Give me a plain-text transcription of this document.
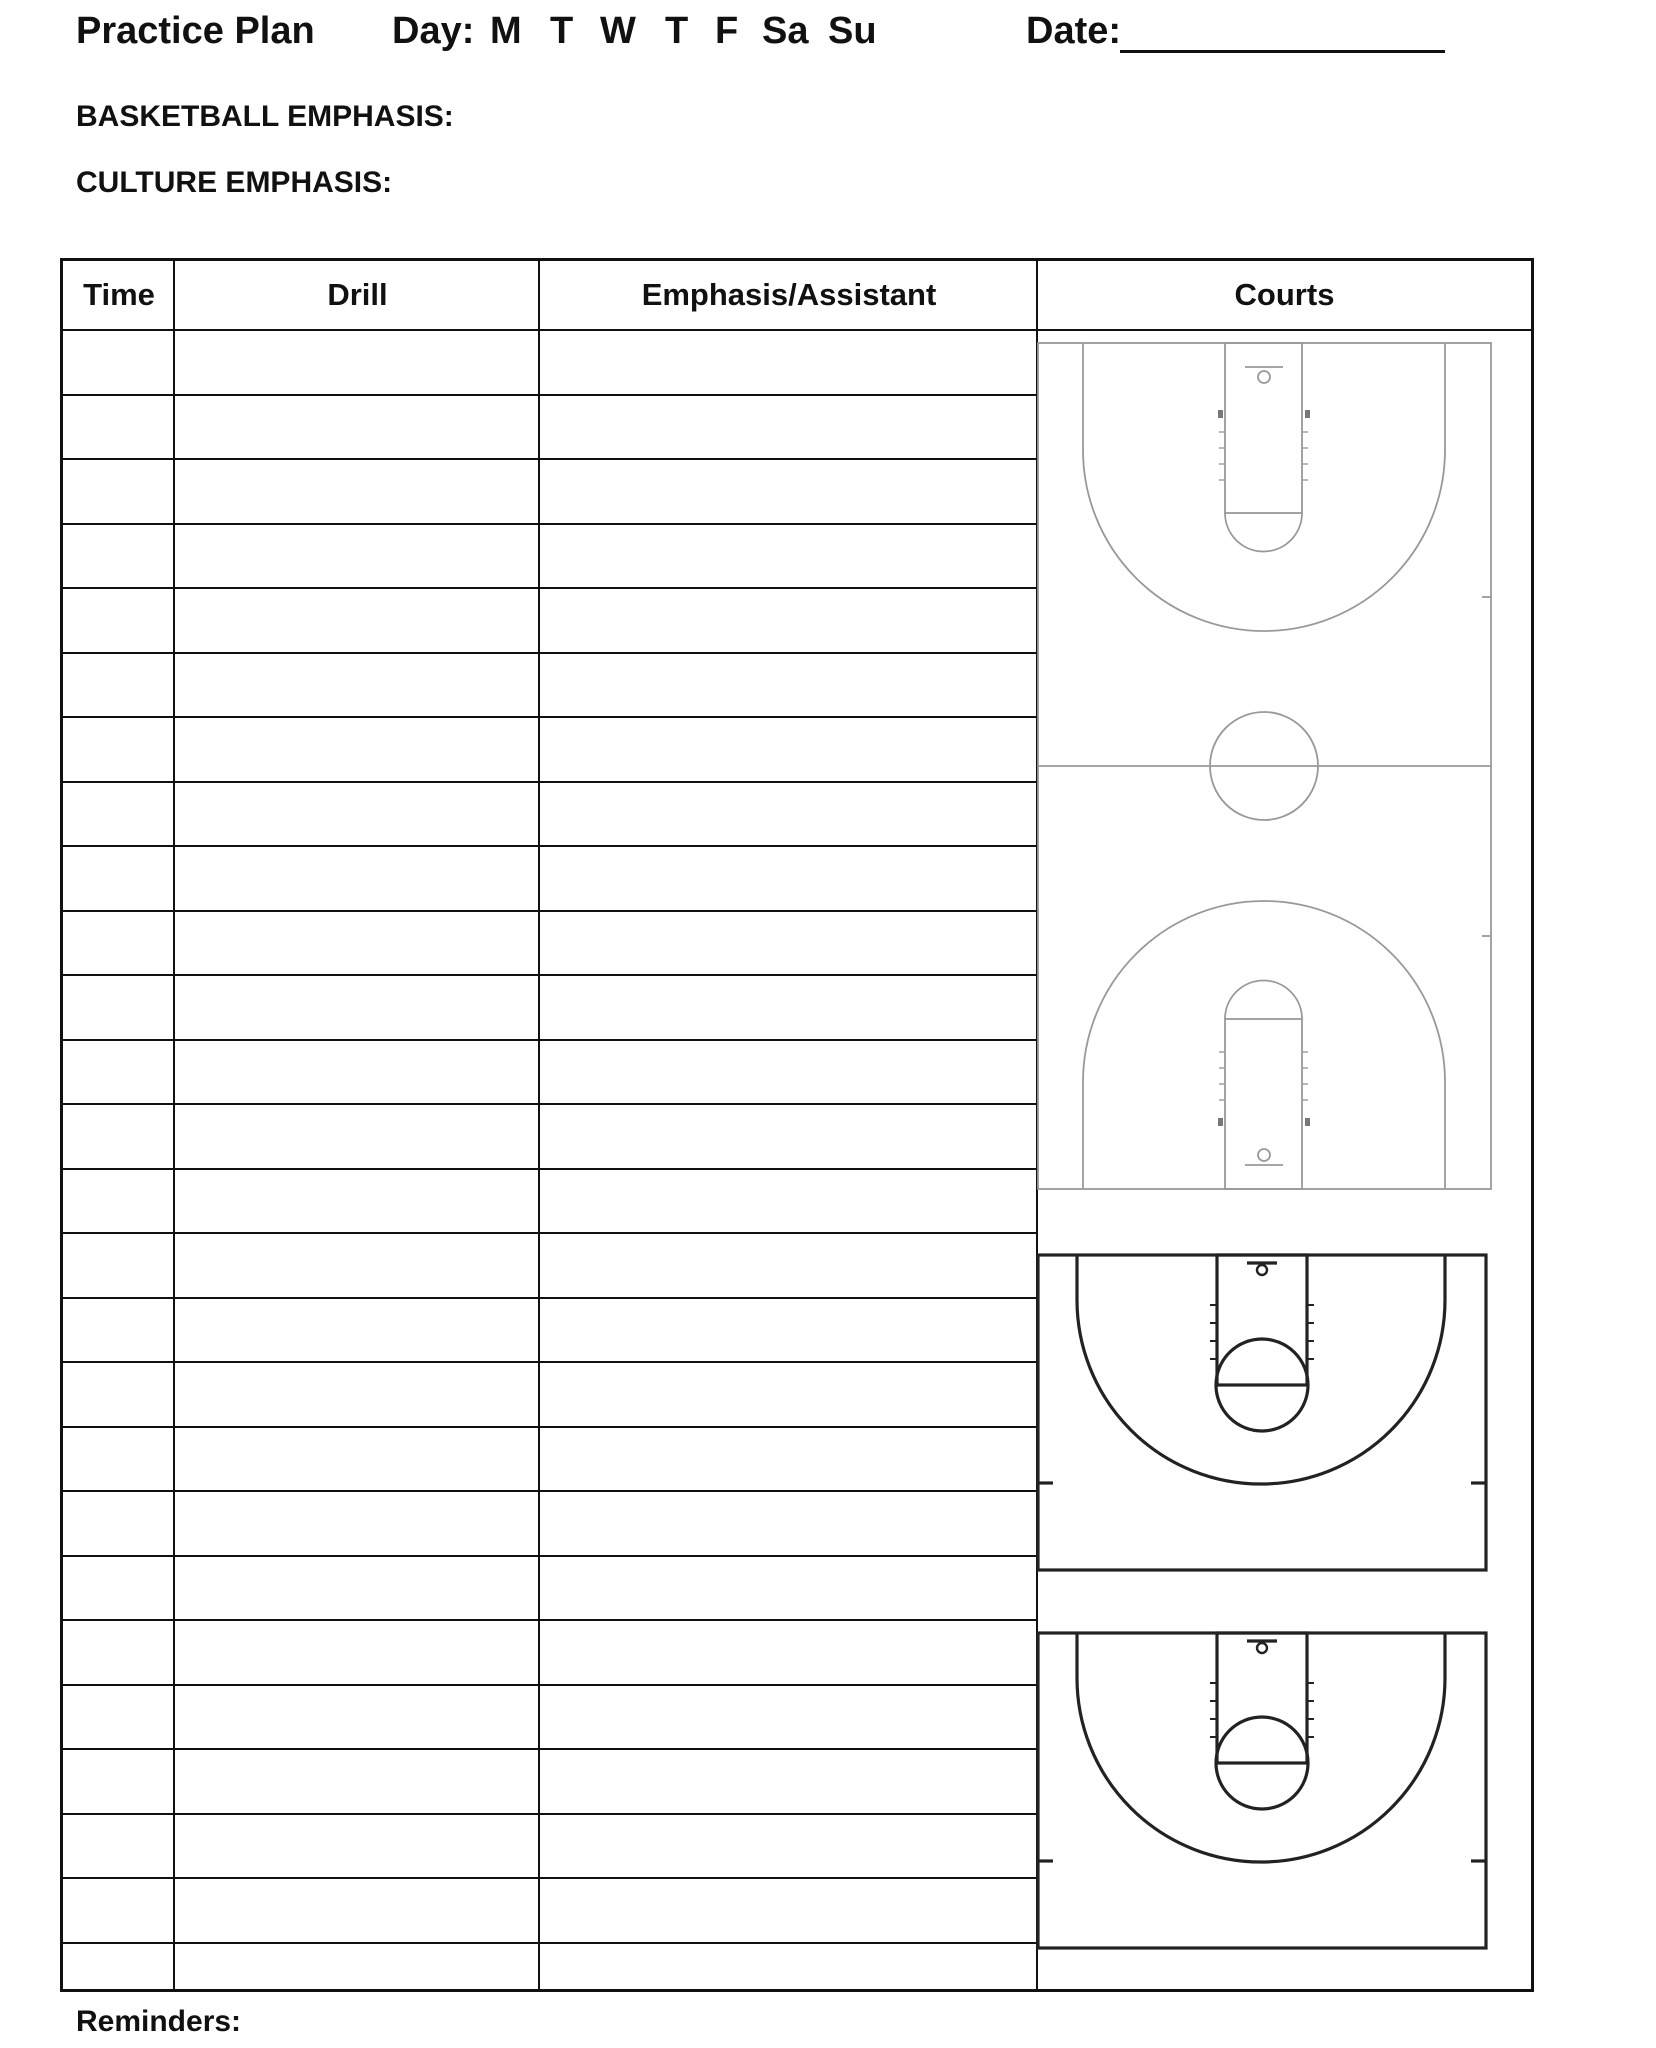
Practice Plan Day: M T W T F Sa Su	Date:
BASKETBALL EMPHASIS:
CULTURE EMPHASIS:
Time	Drill	Emphasis/Assistant	Courts
Reminders:
